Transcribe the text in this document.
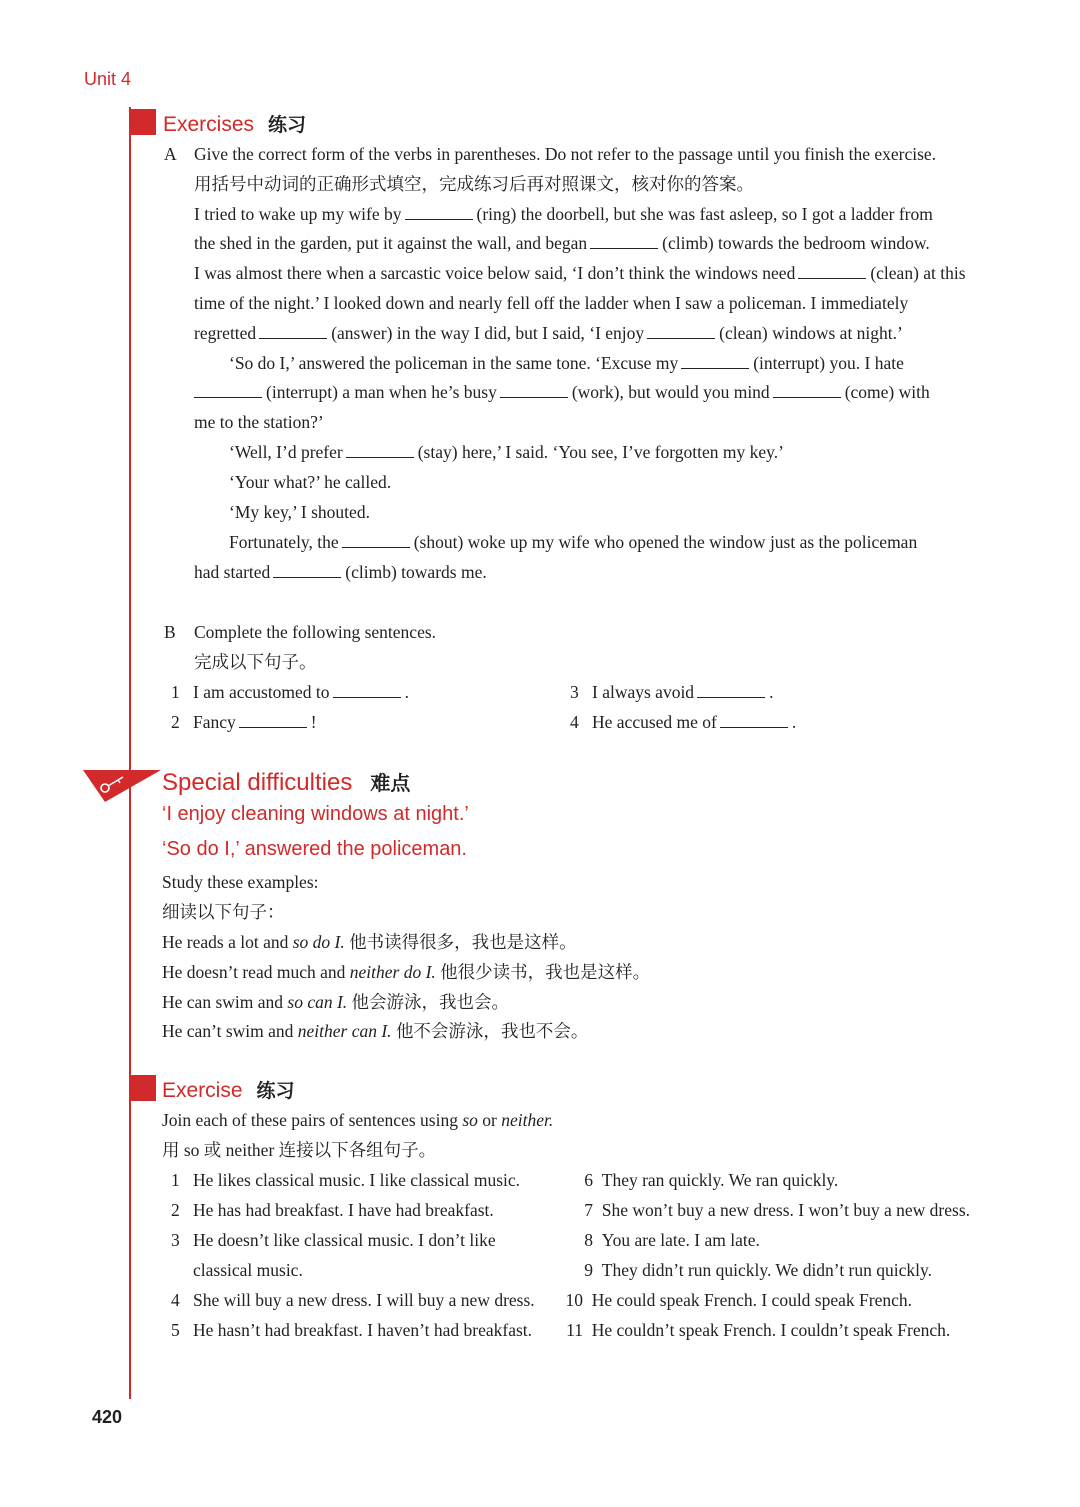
Unit 4
Exercises 练习
A Give the correct form of the verbs in parentheses. Do not refer to the passage until you finish the exercise.
用括号中动词的正确形式填空，完成练习后再对照课文，核对你的答案。
I tried to wake up my wife by	(ring) the doorbell, but she was fast asleep, so I got a ladder from
the shed in the garden, put it against the wall, and began	(climb) towards the bedroom window.
I was almost there when a sarcastic voice below said, ‘I don’t think the windows need	(clean) at this
time of the night.’ I looked down and nearly fell off the ladder when I saw a policeman. I immediately
regretted	(answer) in the way I did, but I said, ‘I enjoy	(clean) windows at night.’
‘So do I,’ answered the policeman in the same tone. ‘Excuse my	(interrupt) you. I hate
(interrupt) a man when he’s busy	(work), but would you mind	(come) with
me to the station?’
‘Well, I’d prefer	(stay) here,’ I said. ‘You see, I’ve forgotten my key.’
‘Your what?’ he called.
‘My key,’ I shouted.
Fortunately, the	(shout) woke up my wife who opened the window just as the policeman
had started	(climb) towards me.
B Complete the following sentences.
完成以下句子。
1 I am accustomed to	.
2 Fancy	!
3 I always avoid	.
4 He accused me of	.
Special difficulties 难点
‘I enjoy cleaning windows at night.’
‘So do I,’ answered the policeman.
Study these examples:
细读以下句子：
He reads a lot and so do I. 他书读得很多，我也是这样。
He doesn’t read much and neither do I. 他很少读书，我也是这样。
He can swim and so can I. 他会游泳，我也会。
He can’t swim and neither can I. 他不会游泳，我也不会。
Exercise 练习
Join each of these pairs of sentences using so or neither.
用 so 或 neither 连接以下各组句子。
1 He likes classical music. I like classical music.
2 He has had breakfast. I have had breakfast.
3 He doesn’t like classical music. I don’t like
classical music.
4 She will buy a new dress. I will buy a new dress.
5 He hasn’t had breakfast. I haven’t had breakfast.
6 They ran quickly. We ran quickly.
7 She won’t buy a new dress. I won’t buy a new dress.
8 You are late. I am late.
9 They didn’t run quickly. We didn’t run quickly.
10 He could speak French. I could speak French.
11 He couldn’t speak French. I couldn’t speak French.
420
